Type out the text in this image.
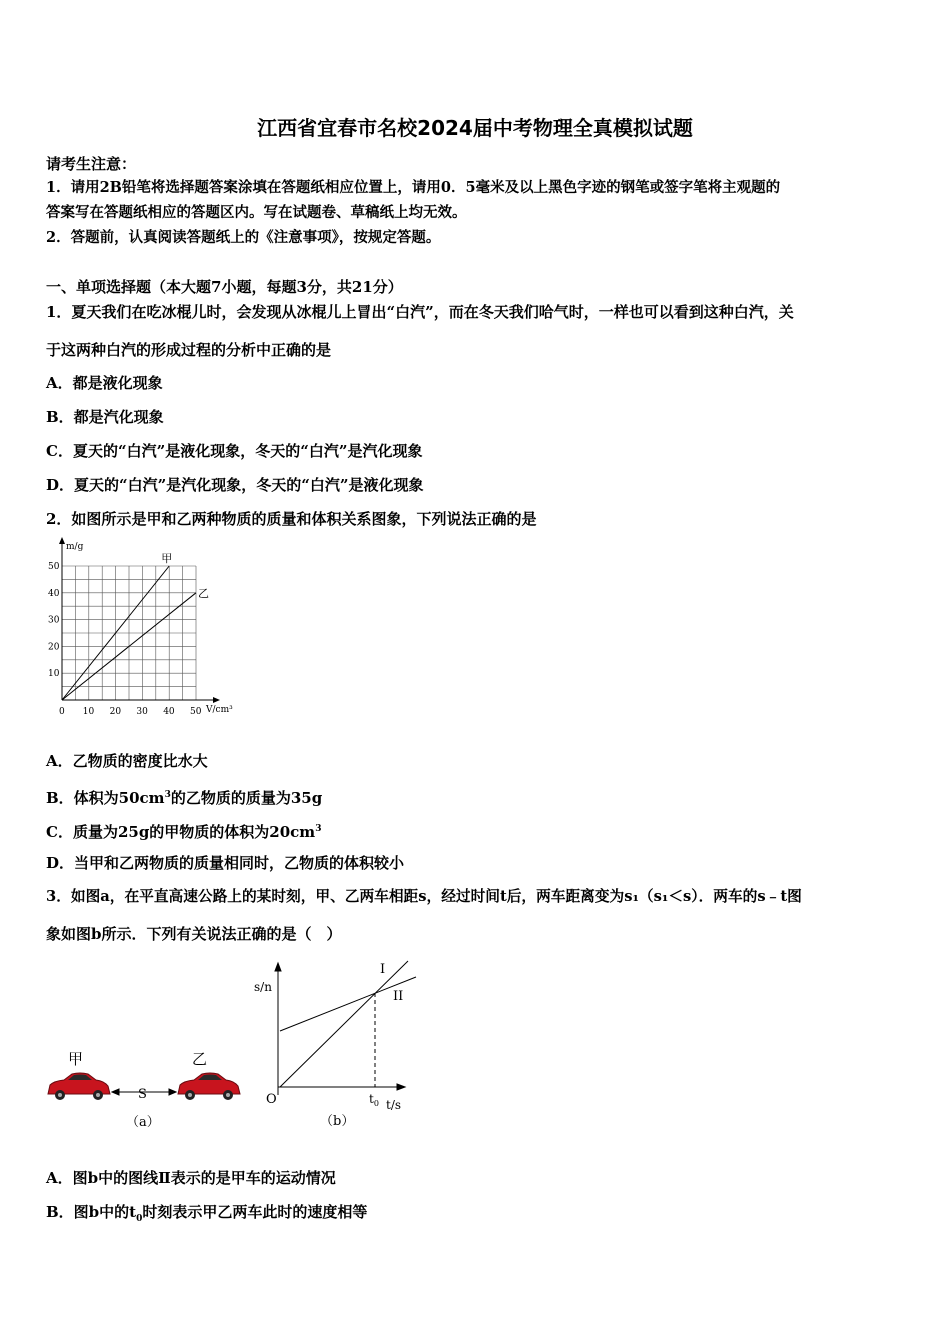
江西省宜春市名校2024届中考物理全真模拟试题
请考生注意：
1．请用2B铅笔将选择题答案涂填在答题纸相应位置上，请用0．5毫米及以上黑色字迹的钢笔或签字笔将主观题的
答案写在答题纸相应的答题区内。写在试题卷、草稿纸上均无效。
2．答题前，认真阅读答题纸上的《注意事项》，按规定答题。
一、单项选择题（本大题7小题，每题3分，共21分）
1．夏天我们在吃冰棍儿时，会发现从冰棍儿上冒出“白汽”，而在冬天我们哈气时，一样也可以看到这种白汽，关
于这两种白汽的形成过程的分析中正确的是
A．都是液化现象
B．都是汽化现象
C．夏天的“白汽”是液化现象，冬天的“白汽”是汽化现象
D．夏天的“白汽”是汽化现象，冬天的“白汽”是液化现象
2．如图所示是甲和乙两种物质的质量和体积关系图象，下列说法正确的是
0 10 20 30 40 50
10
20
30
40
50
m/g
V/cm³
甲
乙
A．乙物质的密度比水大
B．体积为$50cm^3$的乙物质的质量为35g
C．质量为25g的甲物质的体积为$20cm^3$
D．当甲和乙两物质的质量相同时，乙物质的体积较小
3．如图a，在平直高速公路上的某时刻，甲、乙两车相距s，经过时间t后，两车距离变为s₁（s₁＜s）．两车的s﹣t图
象如图b所示．下列有关说法正确的是（　）
甲	乙
S
（a）
s/n
t/s
O	$t_0$
I
II
（b）
A．图b中的图线Ⅱ表示的是甲车的运动情况
B．图b中的$t_0$时刻表示甲乙两车此时的速度相等
